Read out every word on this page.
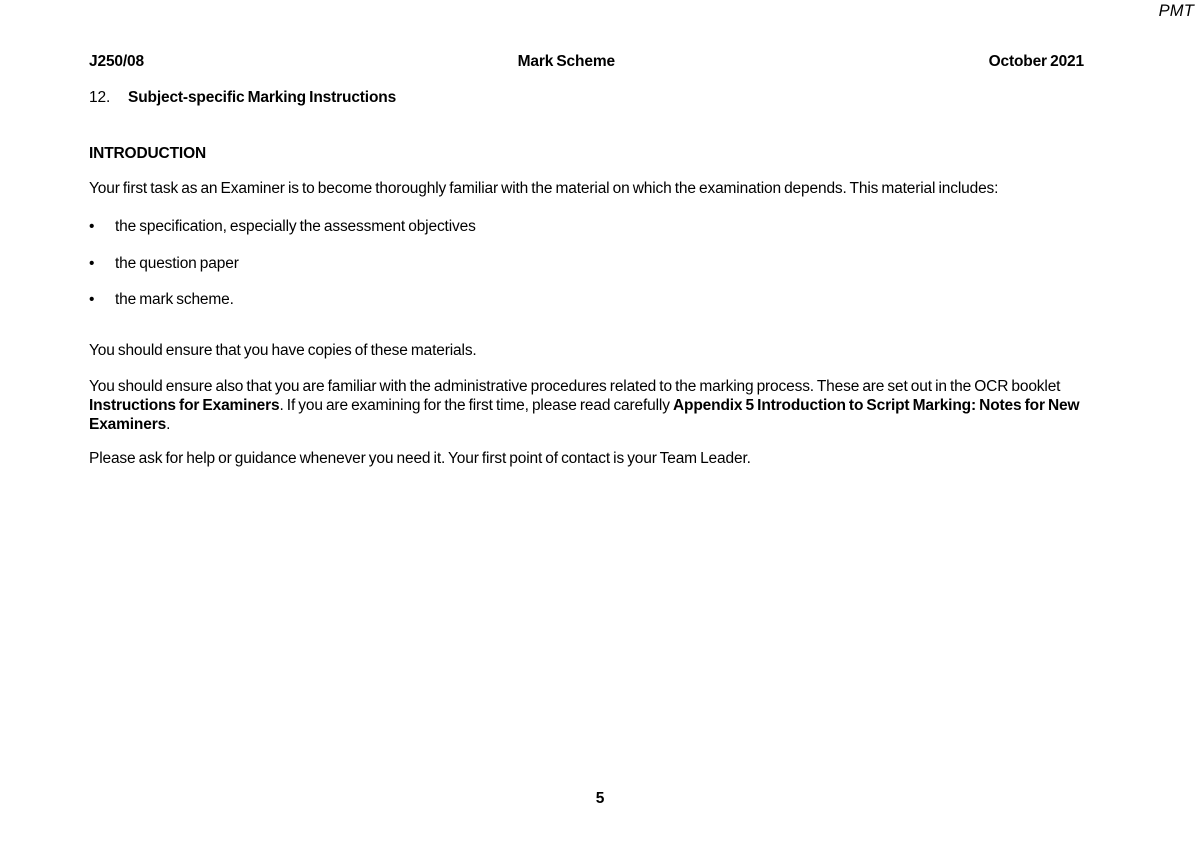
PMT
J250/08	Mark Scheme	October 2021
12.	Subject-specific Marking Instructions
INTRODUCTION
Your first task as an Examiner is to become thoroughly familiar with the material on which the examination depends. This material includes:
•	the specification, especially the assessment objectives
•	the question paper
•	the mark scheme.
You should ensure that you have copies of these materials.
You should ensure also that you are familiar with the administrative procedures related to the marking process. These are set out in the OCR booklet Instructions for Examiners. If you are examining for the first time, please read carefully Appendix 5 Introduction to Script Marking: Notes for New Examiners.
Please ask for help or guidance whenever you need it. Your first point of contact is your Team Leader.
5
